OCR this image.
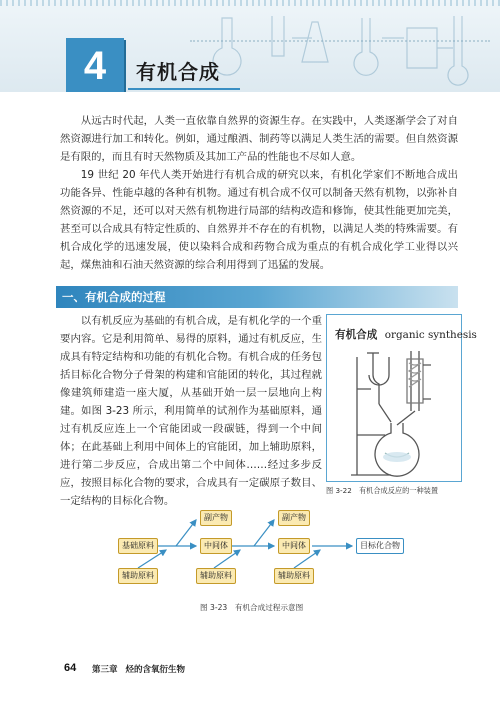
4	有机合成

从远古时代起，人类一直依靠自然界的资源生存。在实践中，人类逐渐学会了对自然资源进行加工和转化。例如，通过酿酒、制药等以满足人类生活的需要。但自然资源是有限的，而且有时天然物质及其加工产品的性能也不尽如人意。

19 世纪 20 年代人类开始进行有机合成的研究以来，有机化学家们不断地合成出功能各异、性能卓越的各种有机物。通过有机合成不仅可以制备天然有机物，以弥补自然资源的不足，还可以对天然有机物进行局部的结构改造和修饰，使其性能更加完美，甚至可以合成具有特定性质的、自然界并不存在的有机物，以满足人类的特殊需要。有机合成化学的迅速发展，使以染料合成和药物合成为重点的有机合成化学工业得以兴起，煤焦油和石油天然资源的综合利用得到了迅猛的发展。

一、有机合成的过程

以有机反应为基础的有机合成，是有机化学的一个重要内容。它是利用简单、易得的原料，通过有机反应，生成具有特定结构和功能的有机化合物。有机合成的任务包括目标化合物分子骨架的构建和官能团的转化，其过程就像建筑师建造一座大厦，从基础开始一层一层地向上构建。如图 3-23 所示，利用简单的试剂作为基础原料，通过有机反应连上一个官能团或一段碳链，得到一个中间体；在此基础上利用中间体上的官能团，加上辅助原料，进行第二步反应，合成出第二个中间体……经过多步反应，按照目标化合物的要求，合成具有一定碳原子数目、一定结构的目标化合物。

有机合成 organic synthesis
图 3-22　有机合成反应的一种装置
基础原料
辅助原料
中间体
副产物
辅助原料
中间体
副产物
辅助原料
目标化合物
图 3-23　有机合成过程示意图
64 第三章 烃的含氧衍生物
